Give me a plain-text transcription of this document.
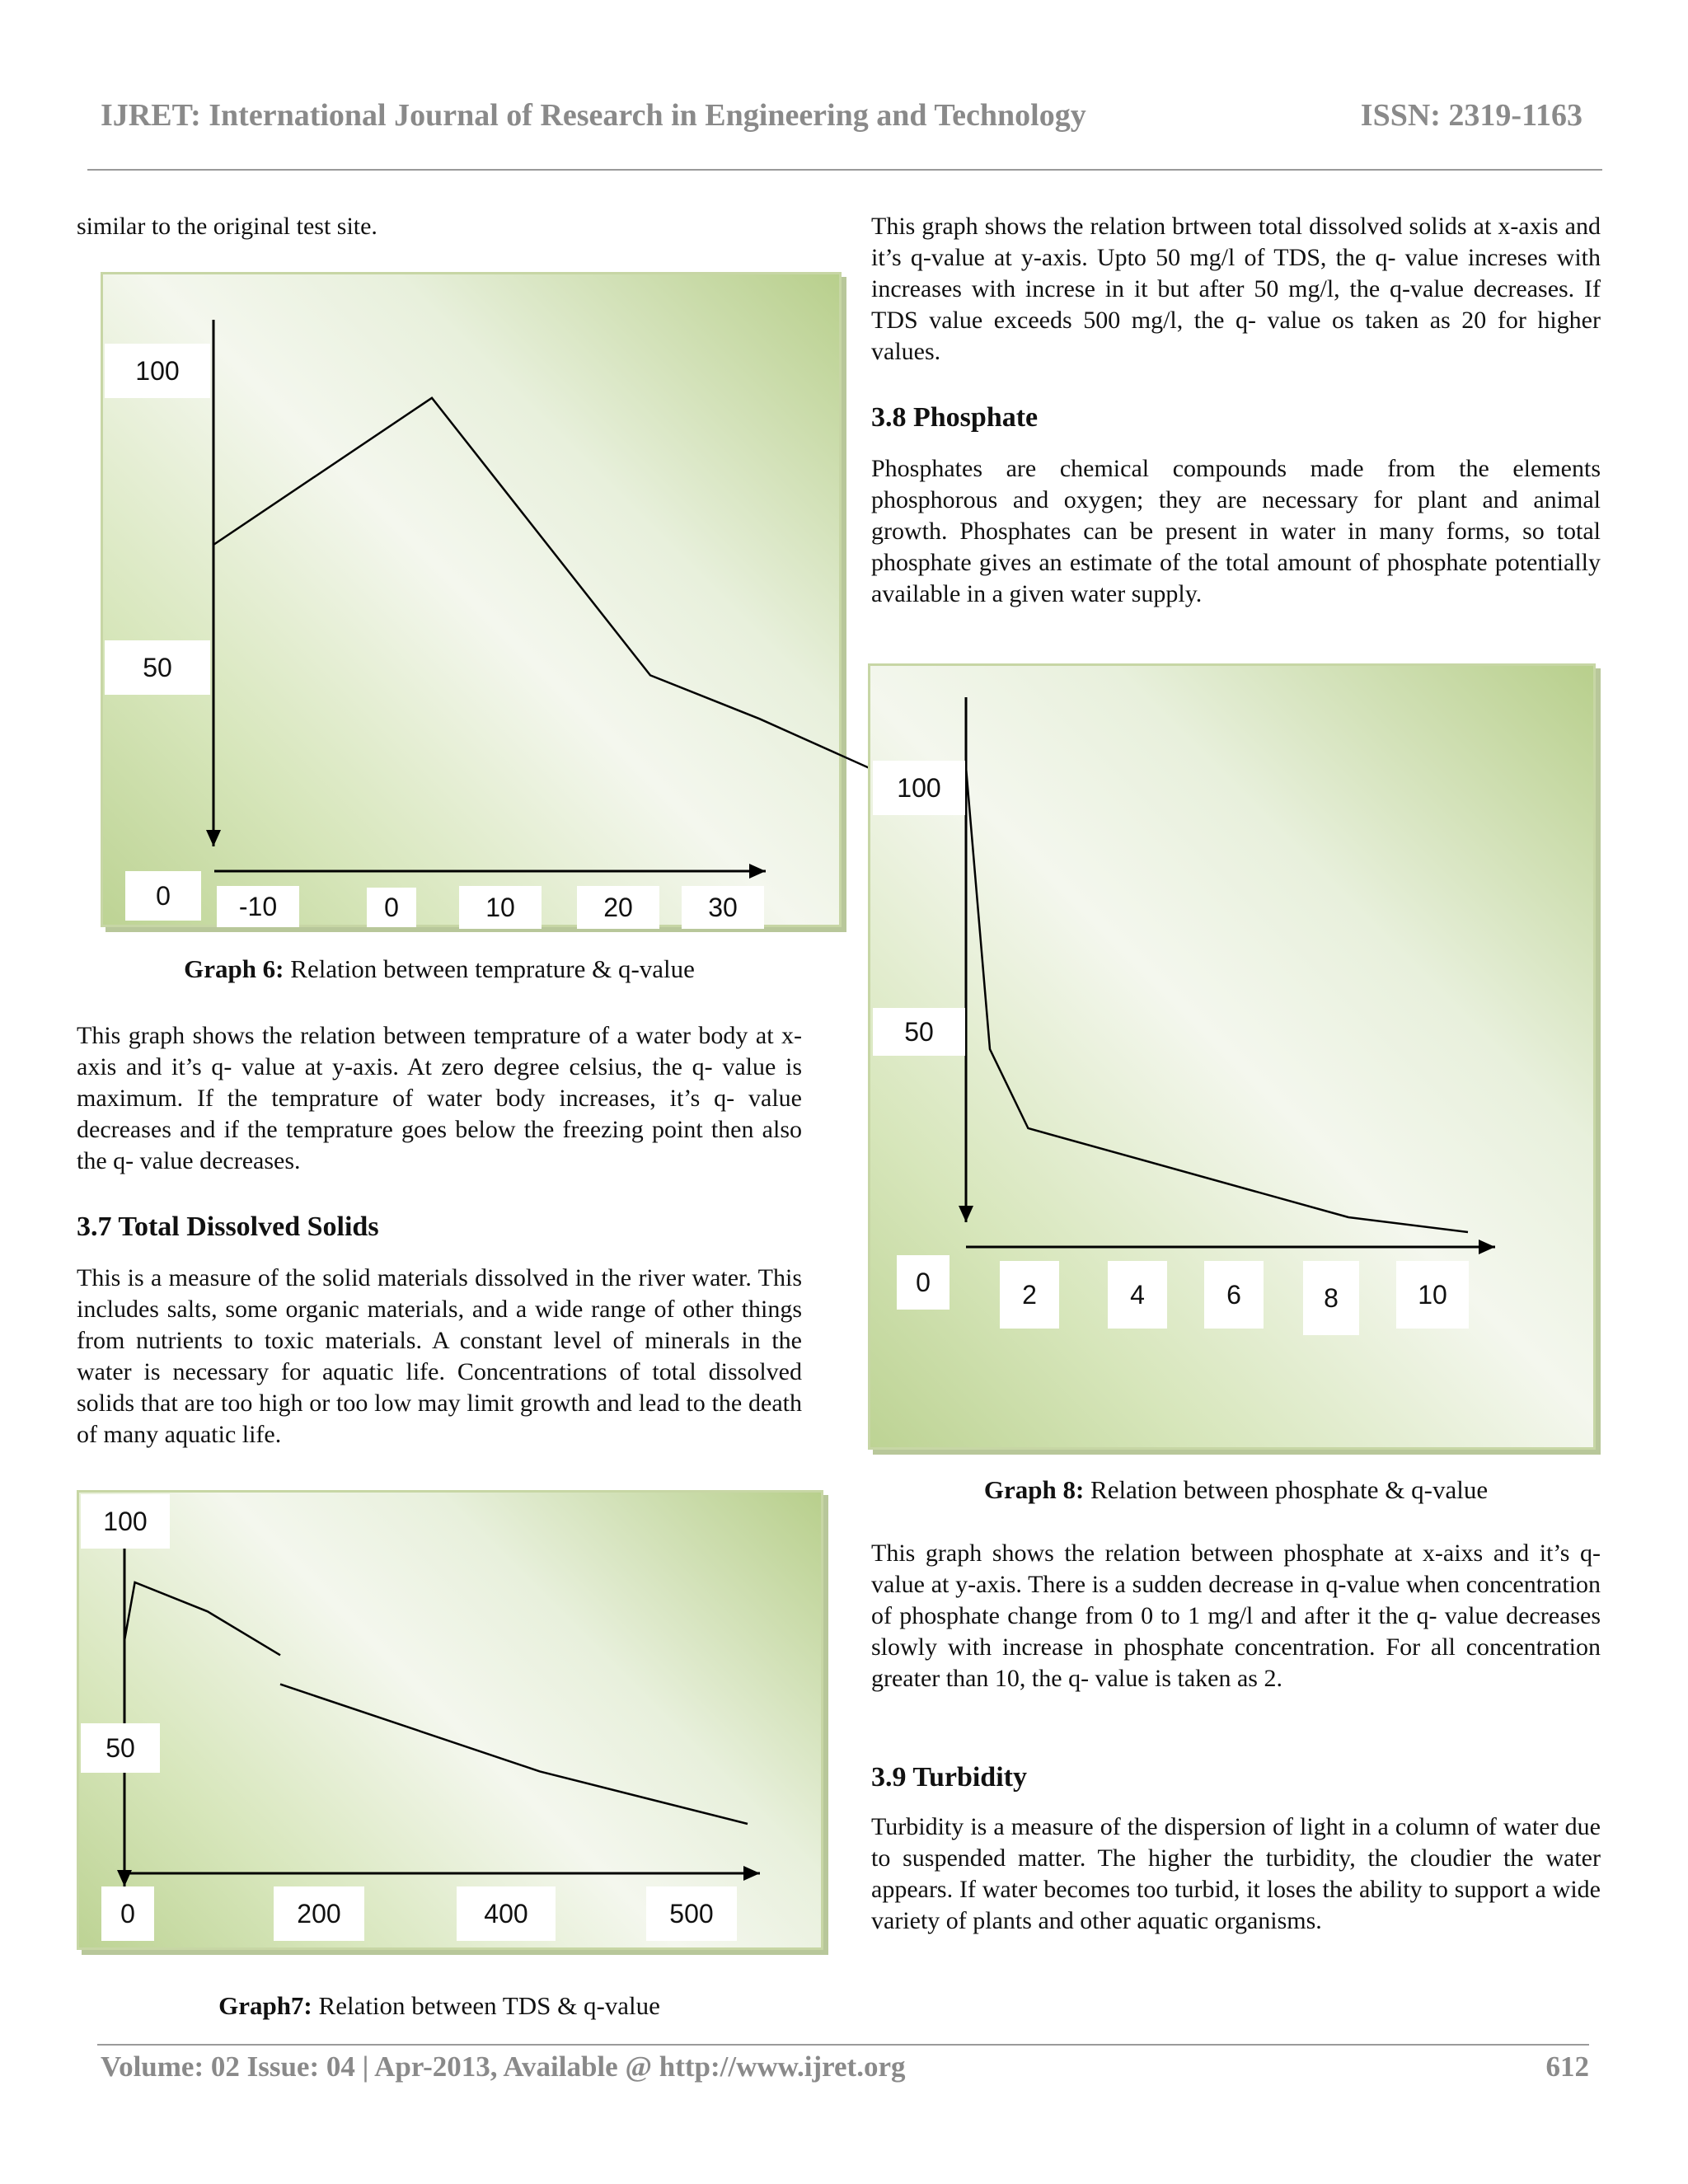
IJRET: International Journal of Research in Engineering and Technology	ISSN: 2319-1163

similar to the original test site.

100
50
0	-10	0	10	20	30
Graph 6: Relation between temprature & q-value

This graph shows the relation between temprature of a water body at x-axis and it’s q- value at y-axis. At zero degree celsius, the q- value is maximum. If the temprature of water body increases, it’s q- value decreases and if the temprature goes below the freezing point then also the q- value decreases.

3.7 Total Dissolved Solids

This is a measure of the solid materials dissolved in the river water. This includes salts, some organic materials, and a wide range of other things from nutrients to toxic materials. A constant level of minerals in the water is necessary for aquatic life. Concentrations of total dissolved solids that are too high or too low may limit growth and lead to the death of many aquatic life.

100
50
0	200	400	500
Graph7: Relation between TDS & q-value

This graph shows the relation brtween total dissolved solids at x-axis and it’s q-value at y-axis. Upto 50 mg/l of TDS, the q- value increses with increases with increse in it but after 50 mg/l, the q-value decreases. If TDS value exceeds 500 mg/l, the q- value os taken as 20 for higher values.

3.8 Phosphate

Phosphates are chemical compounds made from the elements phosphorous and oxygen; they are necessary for plant and animal growth. Phosphates can be present in water in many forms, so total phosphate gives an estimate of the total amount of phosphate potentially available in a given water supply.

100
50
0	2	4	6	8	10
Graph 8: Relation between phosphate & q-value

This graph shows the relation between phosphate at x-aixs and it’s q-value at y-axis. There is a sudden decrease in q-value when concentration of phosphate change from 0 to 1 mg/l and after it the q- value decreases slowly with increase in phosphate concentration. For all concentration greater than 10, the q- value is taken as 2.

3.9 Turbidity

Turbidity is a measure of the dispersion of light in a column of water due to suspended matter. The higher the turbidity, the cloudier the water appears. If water becomes too turbid, it loses the ability to support a wide variety of plants and other aquatic organisms.

Volume: 02 Issue: 04 | Apr-2013, Available @ http://www.ijret.org	612
